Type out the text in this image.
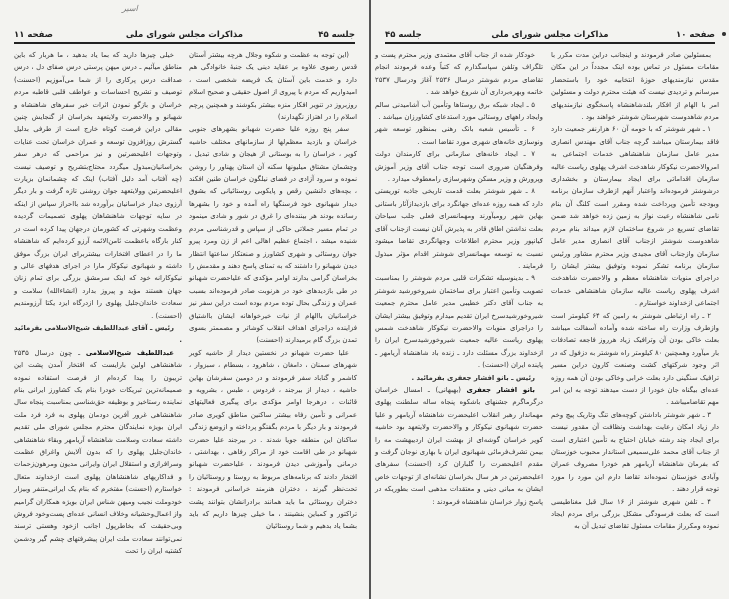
اسیر
جلسه ۴۵
مذاکرات مجلس شورای ملی
صفحه ۱۱

(این توجه به عظمت و شکوه وجلال هرچه بیشتر آستان قدس رضوی علاوه بر عقاید دینی یک جنبهٔ خانوادگی هم دارد و خدمت باین آستان یک فریضه شخصی است ، امیدواریم که مردم با پیروی از اصول حقیقی و صحیح اسلام روزبروز در تنویر افکار منزه بیشتر بکوشند و همچنین پرچم اسلام را در اهتزاز نگهدارند)

سفر پنج روزه علیا حضرت شهبانو بشهرهای جنوبی خراسان و بازدید معظم‌لها از سازمانهای مختلف حاشیه کویر ، خراسان را به بوستانی از هیجان و شادی تبدیل ، وچشمان مشتاق میلیونها سکنه آن استان پهناور را روشن نموده و سرود آزادی در فضای نیلگون خراسان طنین افکند ، بچه‌های دلنشین رقص و پایکوبی روستائیانی که بشوق دیدار شهبانوی خود فرسنگها راه آمده و خود را بشهرها رسانده بودند هر بیننده‌ای را غرق در شور و شادی مینمود در تمام مسیر جملاتی حاکی از سپاس و قدرشناسی مردم شنیده میشد ، اجتماع عظیم اهالی اعم از زن ومرد پیرو جوان روستائی و شهری کشاورز و صنعتکار ساعتها انتظار دیدن شهبانو را داشتند که به تمنای پاسخ دهند و مقدمش را بخراسان گرامی بدارند اوامر مؤکدی که علیاحضرت شهبانو در طی بازدیدهای خود در هرنوبت صادر فرموده‌اند بسبب عمران و زندگی بحال توده مردم بوده است دراین سفر نیز خراسانیان باالهام از نیات خیرخواهانه ایشان بااشتیاق فزاینده دراجرای اهداف انقلاب کوشاتر و مصممتر بسوی تمدن بزرگ گام برمیدارند (احسنت)

علیا حضرت شهبانو در نخستین دیدار از حاشیه کویر شهرهای سمنان ، دامغان ، شاهرود ، بسطام ، سبزوار ، کاشمر و گناباد سفر فرمودند و در دومین سفرشان بهاین حاشیه ، دیدار از بیرجند ، فردوس ، طبس ، بشرویه و قائنات ، درهرجا اوامر مؤکدی برای پیگیری فعالیتهای عمرانی و تأمین رفاه بیشتر ساکنین مناطق کویری صادر فرمودند و بار دیگر با مردم بگفتگو پرداخته و ازوضع زندگی ساکنان این منطقه جویا شدند . در بیرجند علیا حضرت شهبانو در طی اقامت خود از مراکز رفاهی ، بهداشتی ، درمانی وآموزشی دیدن فرمودند ، علیاحضرت شهبانو افتخار دادند که برنامه‌های مربوط به روستا و روستائیان را تحت‌نظر گیرند ، دختران هنرمند خراسانی فرمودند : دختران روستائی ما باید همانند برادرانشان بتوانند پشت تراکتور و کمباین بنشینند ، ما خیلی چیزها داریم که باید بشما یاد بدهیم و شما روستائیان

خیلی چیزها دارید که بما یاد بدهید ، ما هربار که باین مناطق میآئیم ـ درس میهن پرستی درس صفای دل ، درس صداقت درس پرکاری را از شما می‌آموزیم (احسنت) توصیف و تشریح احساسات و عواطف قلبی قاطبه مردم خراسان و بازگو نمودن اثرات خیر سفرهای شاهنشاه و شهبانو و والاحضرت ولایتعهد بخراسان از گنجایش چنین مقالی دراین فرصت کوتاه خارج است از طرفی بدلیل گسترش روزافزون توسعه و عمران خراسان تحت عنایات وتوجهات اعلیحضرتین و نیز مراحمی که درهر سفر بخراسانیان‌مبذول میگردد محتاج‌بتشریح و توصیف نیست (چه آفتاب آمد دلیل آفتاب) اینک که چشمانمان بزیارت اعلیحضرتین وولایتعهد جوان روشنی تازه گرفت و بار دیگر آرزوی دیدار خراسانیان برآورده شد بااحراز سپاس از اینکه در سایه توجهات شاهنشاهان پهلوی تصمیمات گردیده وعظمت وشهرتی که کشورمان درجهان پیدا کرده است در کنار بارگاه باعظمت ثامن‌الائمه آرزو کرده‌ایم که شاهنشاه ما را در اعطای افتخارات بیشتربرای ایران بزرگ موفق داشته و شهبانوی نیکوکار مارا در اجرای هدفهای عالی و نیکوکارانه خود که اینک سرمشق بزرگی برای تمام زنان جهان هستند مؤید و پیروز بدارد (انشاءالله) سلامت و سعادت خاندان‌جلیل پهلوی را ازدرگاه ایزد یکتا آرزومندیم (احسنت) .

رئیس ـ آقای عبداللطیف شیخ‌الاسلامی بفرمائید .

عبداللطیف شیخ‌الاسلامی ـ چون درسال ۲۵۳۵ شاهنشاهی اولین بارایست که افتخار آمدن پشت این تریبون را پیدا کرده‌ام از فرصت استفاده نموده صمیمانه‌ترین تبریکات خودرا بنام یک کشاورز ایرانی بنام نماینده رستاخیز و بوظیفه حق‌شناسی بمناسبت پنجاه سال شاهنشاهی غرور آفرین دودمان پهلوی به فرد فرد ملت ایران بویژه نمایندگان محترم مجلس شورای ملی تقدیم داشته سعادت وسلامت شاهنشاه آریامهر وبقاء شاهنشاهی خاندان‌جلیل پهلوی را که بدون آلایش واغراق عظمت وسرافرازی و استقلال ایران وایرانی مدیون ومرهون‌زحمات و فداکاریهای شاهنشاهان پهلوی است ازخداوند متعال خواستارم (احسنت) مفتخرم که بنام یک ایرانی‌متنفر وبیزار خودوملت نجیب ومیهن شناس ایران بویژه همکاران گرامیم واز اعمال‌وحشیانه وخلاف انسانی عده‌ای پست‌وخود فروش وبی‌حقیقت که بخاطرپول اجانب ازخود وهستی ترسند نمی‌توانند سعادت ملت ایران پیشرفتهای چشم گیر ودشمن کشتیه ایران را تحت

صفحه ۱۰
مذاکرات مجلس شورای ملی
جلسه ۴۵

بمسئولین صادر فرمودند و اینجانب دراین مدت مکرر با مقامات مسئول در تماس بوده اینک مجدداً در این مکان مقدس نیازمندیهای حوزهٔ انتخابیه خود را باستحضار میرسانم و تردیدی نیست که هیئت محترم دولت و مسئولین امر با الهام از افکار بلندشاهنشاه پاسخگوی نیازمندیهای مردم شاهدوست شهرستان شوشتر خواهند بود .

۱ ـ شهر شوشتر که با حومه آن ۶۰ هزارنفر جمعیت دارد فاقد بیمارستان میباشد گرچه جناب آقای مهندس انصاری مدیر عامل سازمان شاهنشاهی خدمات اجتماعی به امروالاحضرت نیکوکار شاهدخت اشرف پهلوی ریاست عالیه سازمان اقداماتی برای ایجاد بیمارستان و بخشداری درشوشتر فرموده‌اند واعتبار آنهم ازطرف سازمان برنامه وبودجه تأمین وپرداخت شده ومقرر است کلنگ آن بنام نامی شاهنشاه رعیت نواز به زمین زده خواهد شد ضمن تقاضای تسریع در شروع ساختمان لازم میداند بنام مردم شاهدوست شوشتر ازجناب آقای انصاری مدیر عامل سازمان وازجناب آقای مجیدی وزیر محترم مشاور ورئیس سازمان برنامه تشکر نموده وتوفیق بیشتر ایشان را دراجرای منویات شاهنشاه معظم و والاحضرت شاهدخت اشرف پهلوی ریاست عالیه سازمان شاهنشاهی خدمات اجتماعی ازخداوند خواستارم .

۲ ـ راه ارتباطی شوشتر به رامین که ۶۴ کیلومتر است وازطرف وزارت راه ساخته شده وآماده آسفالت میباشد بعلت خاکی بودن آن وترافیک زیاد هرروز فاجعه تصادفات بار میآورد وهمچنین ۸۰ کیلومتر راه شوشتر به دزفول که در اثر وجود شرکتهای کشت وصنعت کارون دراین مسیر ترافیک سنگینی دارد بعلت خرابی وخاکی بودن آن همه روزه عده‌ای بیگناه جان خودرا از دست میدهند توجه به این امر مهم تقاضامیباشد .

۳ ـ شهر شوشتر باداشتن کوچه‌های تنگ وتاریک پیچ وخم دار زیاد امکان رعایت بهداشت ونظافت آن مقدور نیست برای ایجاد چند رشته خیابان احتیاج به تأمین اعتباری است از جناب آقای محمد علی‌سمیعی استاندار محبوب خوزستان که بفرمان شاهنشاه آریامهر هم خودرا مصروف عمران وآبادی خوزستان نموده‌اند تقاضا دارم این مورد را مورد توجه قرار دهند .

۴ ـ تلفن شهری شوشتر از ۱۶ سال قبل مغناطیسی است که بعلت فرسودگی مشکل بزرگی برای مردم ایجاد نموده ومکرراز مقامات مسئول تقاضای تبدیل آن به

خودکار شده از جناب آقای معتمدی وزیر محترم پست و تلگراف وتلفن سپاسگذارم که کتباً وعده فرمودند انجام تقاضای مردم شوشتر درسال ۲۵۳۶ آغاز ودرسال ۲۵۳۷ خاتمه وبهره‌برداری آن شروع خواهد شد .

۵ ـ ایجاد شبکه برق روستاها وتأمین آب آشامیدنی سالم وایجاد راههای روستائی مورد استدعای کشاورزان میباشد .

۶ ـ تأسیس شعبه بانک رهنی بمنظور توسعه شهر ونوسازی خانه‌های شهری مورد تقاضا است .

۷ ـ ایجاد خانه‌های سازمانی برای کارمندان دولت وفرهنگیان ضروری است توجه جناب آقای وزیر آموزش وپرورش و وزیر مسکن وشهرسازی رامعطوف میدارد .

۸ ـ شهر شوشتر بعلت قدمت تاریخی جاذبه توریستی دارد که همه روزه عده‌ای جهانگرد برای بازدیدازآثار باستانی بهاین شهر رومیآورند ومهمانسرای فعلی جلب سیاحان بعلت نداشتن اطاق قادر به پذیرش آنان نیست ازجناب آقای کیانپور وزیر محترم اطلاعات وجهانگردی تقاضا میشود نسبت به توسعه مهمانسرای شوشتر اقدام مؤثر مبذول فرمایند .

۹ ـ بدینوسیله تشکرات قلبی مردم شوشتر را بمناسبت تصویب وتأمین اعتبار برای ساختمان شیروخورشید شوشتر به جناب آقای دکتر خطیبی مدیر عامل محترم جمعیت شیروخورشیدسرخ ایران تقدیم میدارم وتوفیق بیشتر ایشان را دراجرای منویات والاحضرت نیکوکار شاهدخت شمس پهلوی ریاست عالیه جمعیت شیروخورشیدسرخ ایران را ازخداوند بزرگ مسئلت دارد ـ زنده باد شاهنشاه آریامهر ـ پاینده ایران (احسنت) .

رئیس ـ بانو افشار جعفری بفرمائید .

بانو افشار جعفری (بهبهانی) ـ امسال خراسان درگرماگرم جشنهای باشکوه پنجاه ساله سلطنت پهلوی مهماندار رهبر انقلاب اعلیحضرت شاهنشاه آریامهر و علیا حضرت شهبانوی نیکوکار و والاحضرت ولایتعهد بود حاشیه کویر خراسان گوشه‌ای از بهشت ایران اردیبهشت مه را بیمن تشرف‌فرمائی شهبانوی ایران با بهاری نوجان گرفت و مقدم اعلیحضرت را گلباران کرد (احسنت) سفرهای اعلیحضرتین در هر سال بخراسان نشانه‌ای از توجهات خاص ایشان به مبانی دینی و معتقدات مذهبی است بطوریکه در پاسخ زوار خراسان شاهنشاه فرمودند :
